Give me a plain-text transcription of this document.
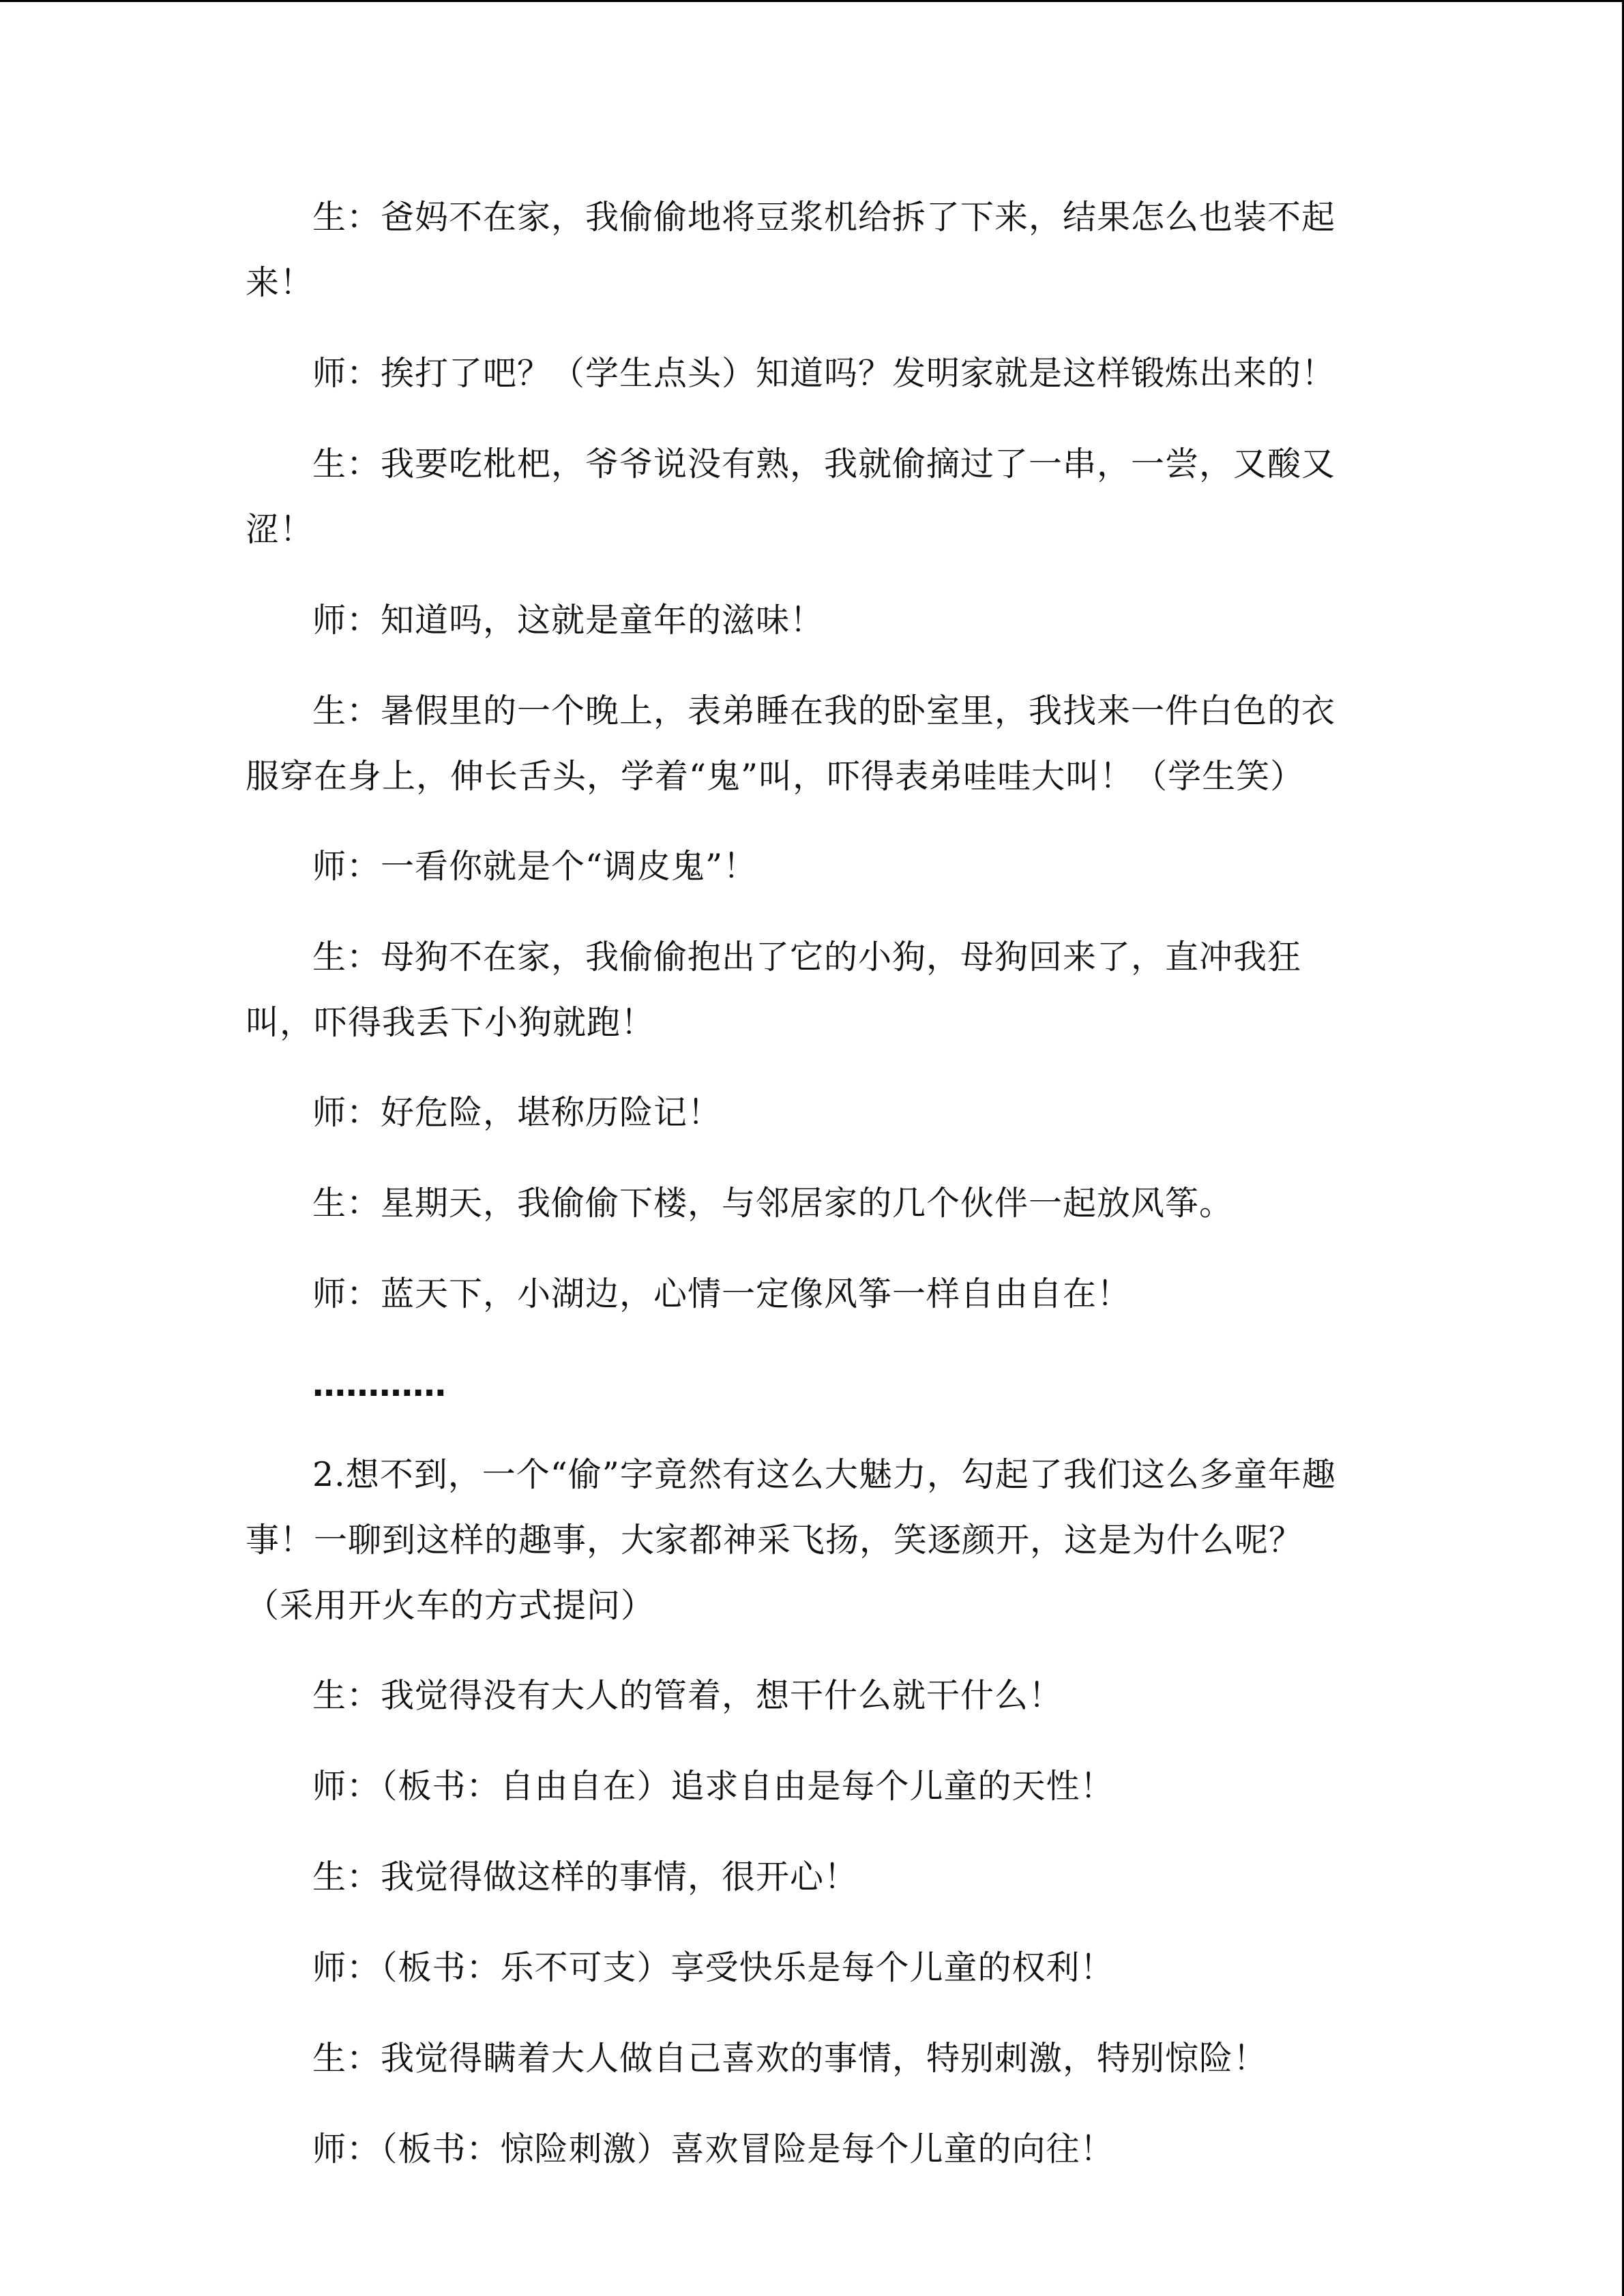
生：爸妈不在家，我偷偷地将豆浆机给拆了下来，结果怎么也装不起来！

师：挨打了吧？（学生点头）知道吗？发明家就是这样锻炼出来的！

生：我要吃枇杷，爷爷说没有熟，我就偷摘过了一串，一尝，又酸又涩！

师：知道吗，这就是童年的滋味！

生：暑假里的一个晚上，表弟睡在我的卧室里，我找来一件白色的衣服穿在身上，伸长舌头，学着“鬼”叫，吓得表弟哇哇大叫！（学生笑）

师：一看你就是个“调皮鬼”！

生：母狗不在家，我偷偷抱出了它的小狗，母狗回来了，直冲我狂叫，吓得我丢下小狗就跑！

师：好危险，堪称历险记！

生：星期天，我偷偷下楼，与邻居家的几个伙伴一起放风筝。

师：蓝天下，小湖边，心情一定像风筝一样自由自在！

…………

2.想不到，一个“偷”字竟然有这么大魅力，勾起了我们这么多童年趣事！一聊到这样的趣事，大家都神采飞扬，笑逐颜开，这是为什么呢？（采用开火车的方式提问）

生：我觉得没有大人的管着，想干什么就干什么！

师：（板书：自由自在）追求自由是每个儿童的天性！

生：我觉得做这样的事情，很开心！

师：（板书：乐不可支）享受快乐是每个儿童的权利！

生：我觉得瞒着大人做自己喜欢的事情，特别刺激，特别惊险！

师：（板书：惊险刺激）喜欢冒险是每个儿童的向往！
